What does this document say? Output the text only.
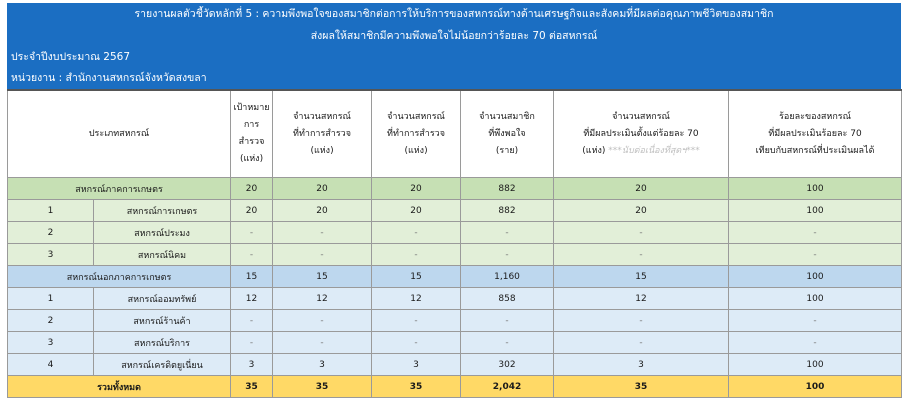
รายงานผลตัวชี้วัดหลักที่ 5 : ความพึงพอใจของสมาชิกต่อการให้บริการของสหกรณ์ทางด้านเศรษฐกิจและสังคมที่มีผลต่อคุณภาพชีวิตของสมาชิก
ส่งผลให้สมาชิกมีความพึงพอใจไม่น้อยกว่าร้อยละ 70 ต่อสหกรณ์
ประจำปีงบประมาณ 2567
หน่วยงาน : สำนักงานสหกรณ์จังหวัดสงขลา
ประเภทสหกรณ์		เป้าหมาย
การ
สำรวจ
(แห่ง)	จำนวนสหกรณ์
ที่ทำการสำรวจ
(แห่ง)	จำนวนสหกรณ์
ที่ทำการสำรวจ
(แห่ง)	จำนวนสมาชิก
ที่พึงพอใจ
(ราย)	จำนวนสหกรณ์
ที่มีผลประเมินตั้งแต่ร้อยละ 70
(แห่ง) ***นับต่อเนื่องที่สุดฯ***	ร้อยละของสหกรณ์
ที่มีผลประเมินร้อยละ 70
เทียบกับสหกรณ์ที่ประเมินผลได้

สหกรณ์ภาคการเกษตร		20	20	20	882	20	100
1	สหกรณ์การเกษตร	20	20	20	882	20	100
2	สหกรณ์ประมง	-	-	-	-	-	-
3	สหกรณ์นิคม	-	-	-	-	-	-
สหกรณ์นอกภาคการเกษตร		15	15	15	1,160	15	100
1	สหกรณ์ออมทรัพย์	12	12	12	858	12	100
2	สหกรณ์ร้านค้า	-	-	-	-	-	-
3	สหกรณ์บริการ	-	-	-	-	-	-
4	สหกรณ์เครดิตยูเนี่ยน	3	3	3	302	3	100
รวมทั้งหมด		35	35	35	2,042	35	100
